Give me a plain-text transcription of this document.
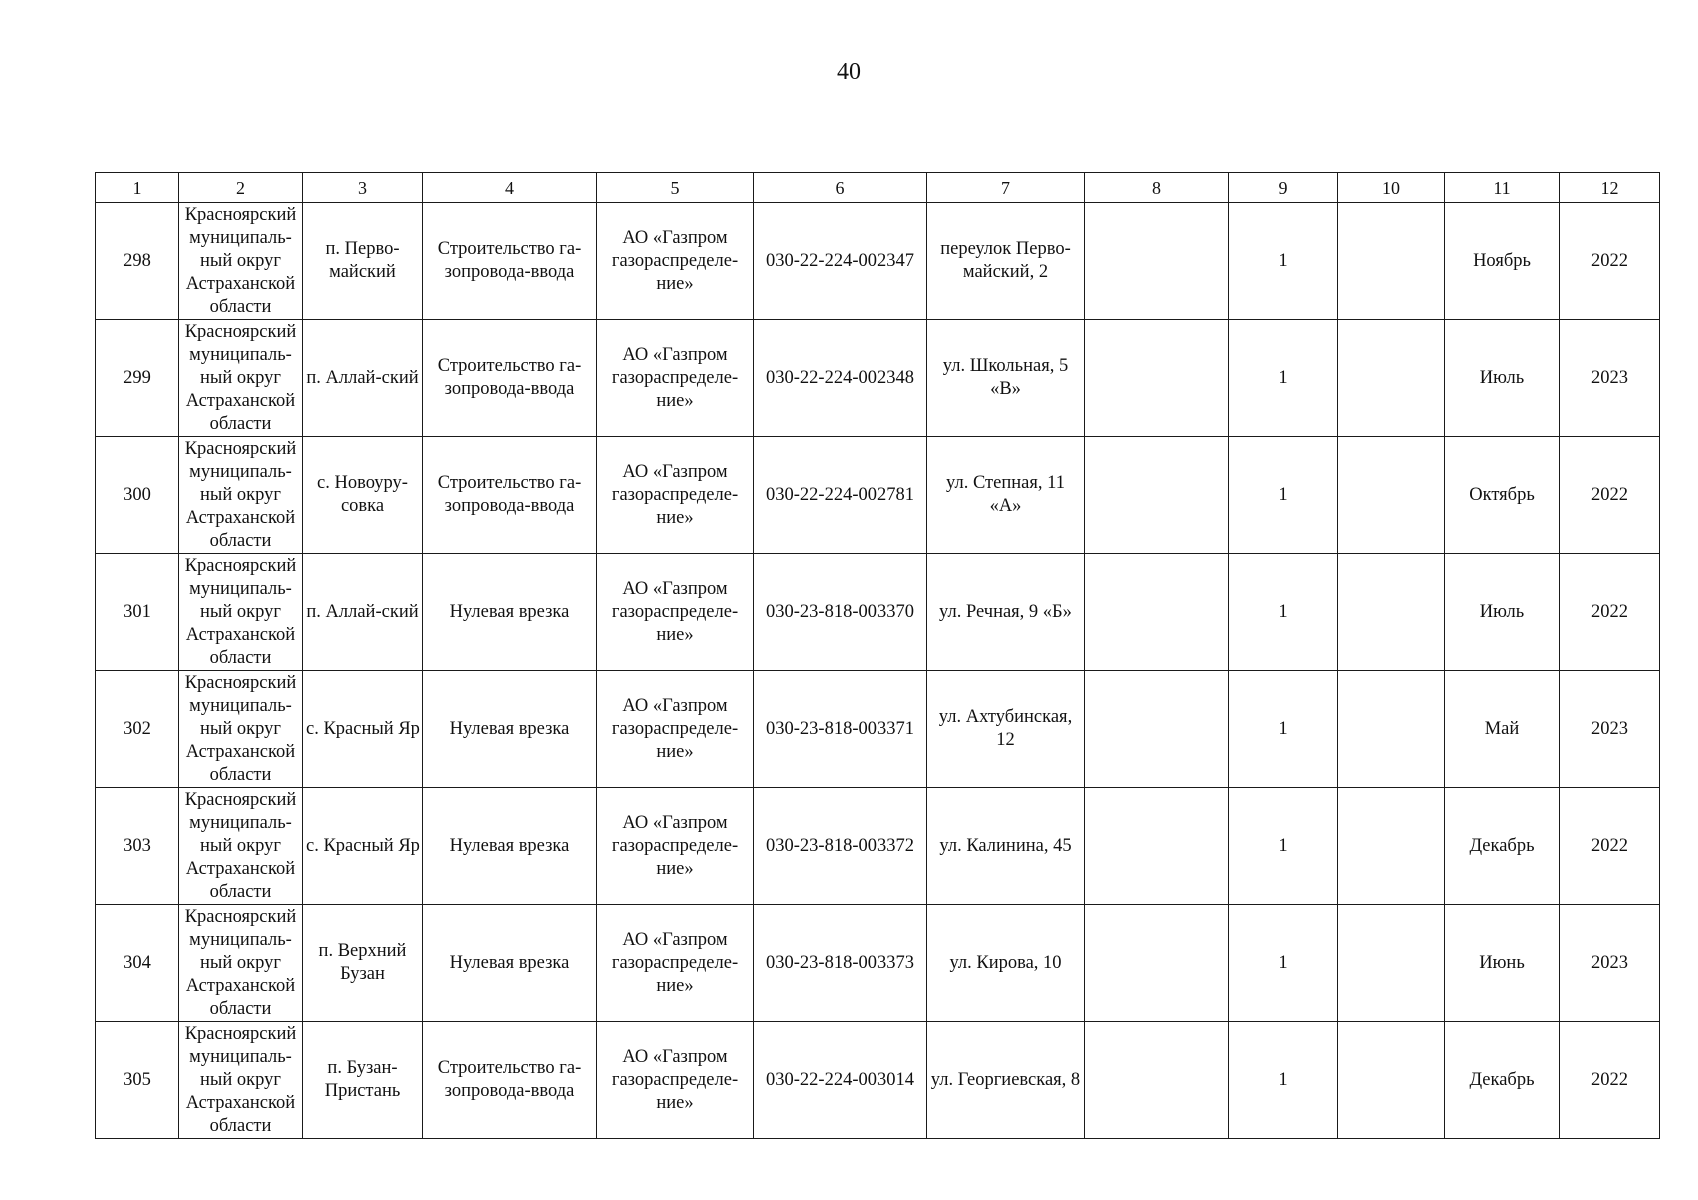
40
1	2	3	4	5	6	7	8	9	10	11	12
298	Красноярский муниципаль-ный округ Астраханской области	п. Перво-майский	Строительство га-зопровода-ввода	АО «Газпром газораспределе-ние»	030-22-224-002347	переулок Перво-майский, 2		1		Ноябрь	2022
299	Красноярский муниципаль-ный округ Астраханской области	п. Аллай-ский	Строительство га-зопровода-ввода	АО «Газпром газораспределе-ние»	030-22-224-002348	ул. Школьная, 5 «В»		1		Июль	2023
300	Красноярский муниципаль-ный округ Астраханской области	с. Новоуру-совка	Строительство га-зопровода-ввода	АО «Газпром газораспределе-ние»	030-22-224-002781	ул. Степная, 11 «А»		1		Октябрь	2022
301	Красноярский муниципаль-ный округ Астраханской области	п. Аллай-ский	Нулевая врезка	АО «Газпром газораспределе-ние»	030-23-818-003370	ул. Речная, 9 «Б»		1		Июль	2022
302	Красноярский муниципаль-ный округ Астраханской области	с. Красный Яр	Нулевая врезка	АО «Газпром газораспределе-ние»	030-23-818-003371	ул. Ахтубинская, 12		1		Май	2023
303	Красноярский муниципаль-ный округ Астраханской области	с. Красный Яр	Нулевая врезка	АО «Газпром газораспределе-ние»	030-23-818-003372	ул. Калинина, 45		1		Декабрь	2022
304	Красноярский муниципаль-ный округ Астраханской области	п. Верхний Бузан	Нулевая врезка	АО «Газпром газораспределе-ние»	030-23-818-003373	ул. Кирова, 10		1		Июнь	2023
305	Красноярский муниципаль-ный округ Астраханской области	п. Бузан-Пристань	Строительство га-зопровода-ввода	АО «Газпром газораспределе-ние»	030-22-224-003014	ул. Георгиевская, 8		1		Декабрь	2022
